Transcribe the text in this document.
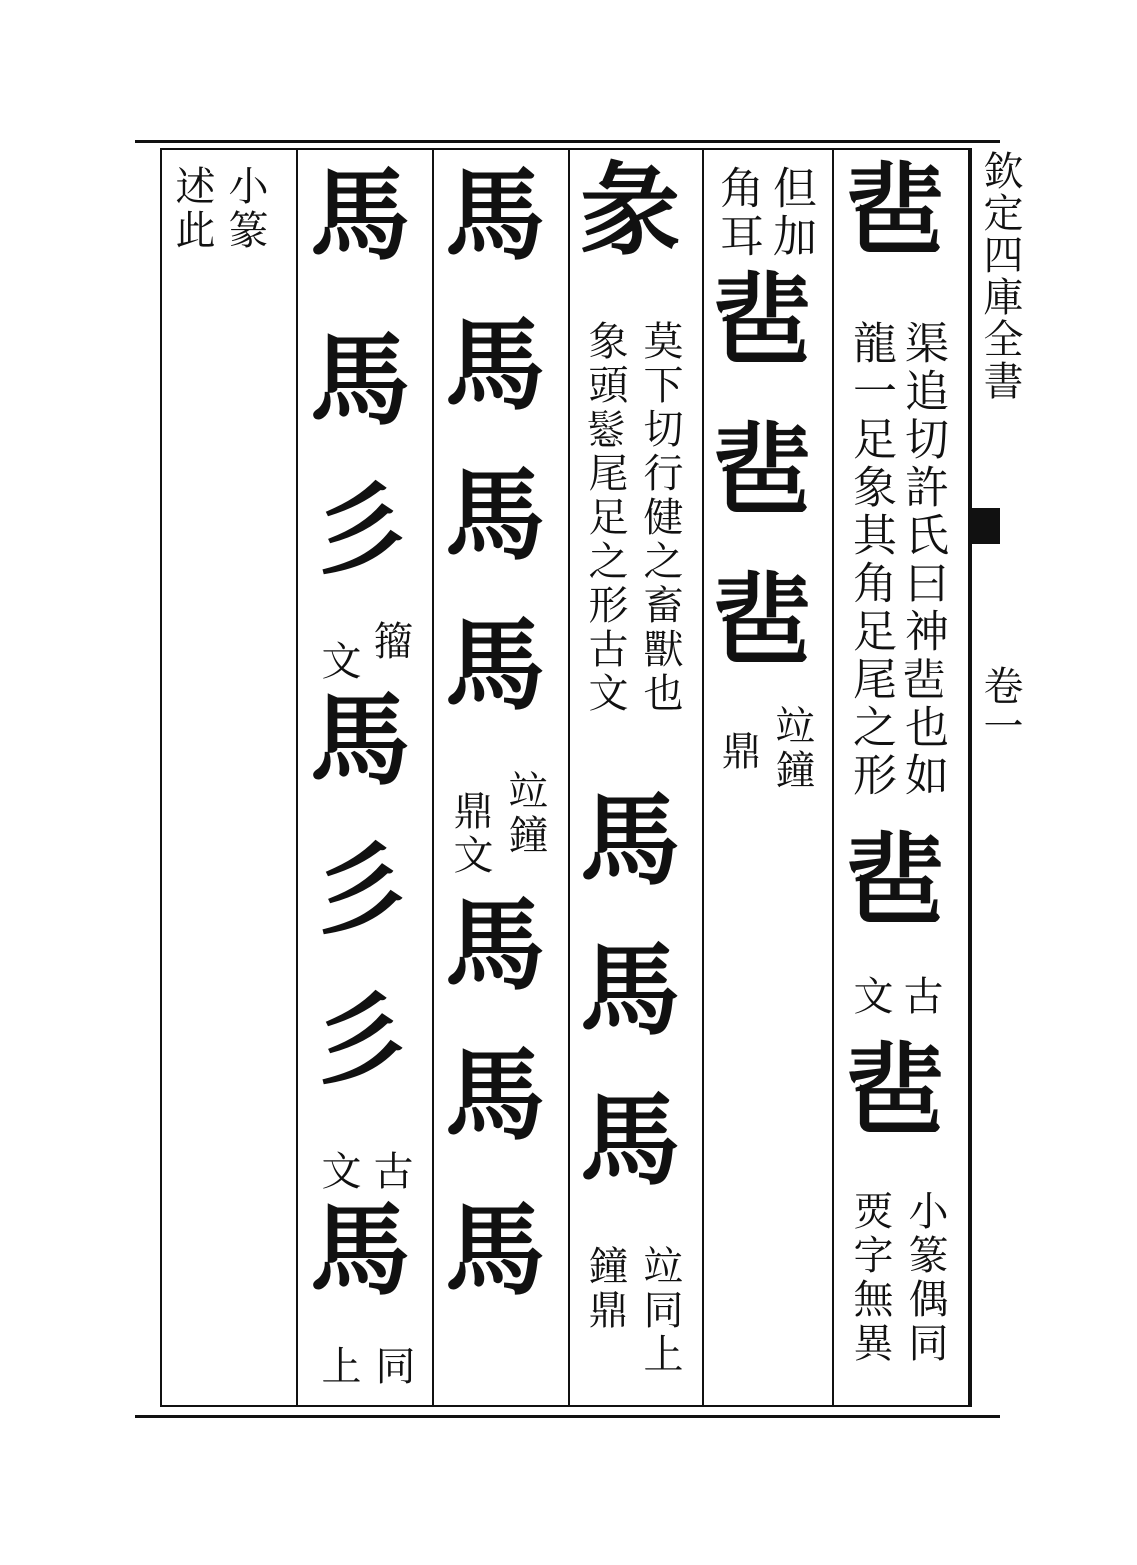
欽定四庫全書
卷一
𩇯
渠追切許氏曰神𩇯也如
龍一足象其角足尾之形
𩇯
古
文
𩇯
小篆偶同
䙳字無異
但加
角耳
𩇯
𩇯
𩇯
竝鐘
鼎
彖
莫下切行健之畜獸也
象頭𩭤尾足之形古文
馬
馬
馬
竝同上
鐘鼎
馬
馬
馬
馬
竝鐘
鼎文
馬
馬
馬
馬
馬
彡
籀
文
馬
彡
彡
古
文
馬
同
上
小篆
述此
